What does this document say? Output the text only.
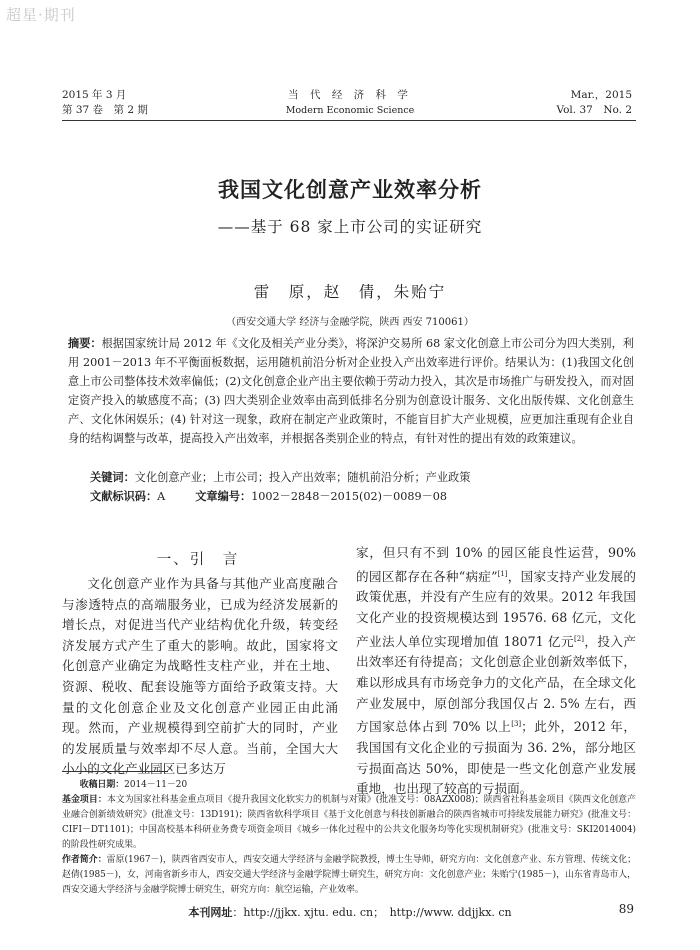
超星·期刊
2015 年 3 月
第 37 卷　第 2 期
当 代 经 济 科 学
Modern Economic Science
Mar.，2015
Vol. 37　No. 2
我国文化创意产业效率分析
——基于 68 家上市公司的实证研究
雷　原，赵　倩，朱贻宁
（西安交通大学 经济与金融学院，陕西 西安 710061）
摘要：根据国家统计局 2012 年《文化及相关产业分类》，将深沪交易所 68 家文化创意上市公司分为四大类别，利用 2001－2013 年不平衡面板数据，运用随机前沿分析对企业投入产出效率进行评价。结果认为：(1)我国文化创意上市公司整体技术效率偏低；(2)文化创意企业产出主要依赖于劳动力投入，其次是市场推广与研发投入，而对固定资产投入的敏感度不高；(3) 四大类别企业效率由高到低排名分别为创意设计服务、文化出版传媒、文化创意生产、文化休闲娱乐；(4) 针对这一现象，政府在制定产业政策时，不能盲目扩大产业规模，应更加注重现有企业自身的结构调整与改革，提高投入产出效率，并根据各类别企业的特点，有针对性的提出有效的政策建议。
关键词：文化创意产业；上市公司；投入产出效率；随机前沿分析；产业政策
文献标识码：A	文章编号：1002－2848－2015(02)－0089－08
一、引　言
文化创意产业作为具备与其他产业高度融合与渗透特点的高端服务业，已成为经济发展新的增长点，对促进当代产业结构优化升级，转变经济发展方式产生了重大的影响。故此，国家将文化创意产业确定为战略性支柱产业，并在土地、资源、税收、配套设施等方面给予政策支持。大量的文化创意企业及文化创意产业园正由此涌现。然而，产业规模得到空前扩大的同时，产业的发展质量与效率却不尽人意。当前，全国大大小小的文化产业园区已多达万
家，但只有不到 10% 的园区能良性运营，90% 的园区都存在各种“病症”[1]，国家支持产业发展的政策优惠，并没有产生应有的效果。2012 年我国文化产业的投资规模达到 19576. 68 亿元，文化产业法人单位实现增加值 18071 亿元[2]，投入产出效率还有待提高；文化创意企业创新效率低下，难以形成具有市场竞争力的文化产品，在全球文化产业发展中，原创部分我国仅占 2. 5% 左右，西方国家总体占到 70% 以上[3]；此外，2012 年，我国国有文化企业的亏损面为 36. 2%，部分地区亏损面高达 50%，即使是一些文化创意产业发展重地，也出现了较高的亏损面。

收稿日期：2014－11－20

基金项目：本文为国家社科基金重点项目《提升我国文化软实力的机制与对策》(批准文号：08AZX008)；陕西省社科基金项目《陕西文化创意产业融合创新绩效研究》(批准文号：13D191)；陕西省软科学项目《基于文化创意与科技创新融合的陕西省城市可持续发展能力研究》(批准文号：CIFI－DT1101)；中国高校基本科研业务费专项资金项目《城乡一体化过程中的公共文化服务均等化实现机制研究》(批准文号：SKI2014004)的阶段性研究成果。

作者简介：雷原(1967－)，陕西省西安市人，西安交通大学经济与金融学院教授，博士生导师，研究方向：文化创意产业、东方管理、传统文化；赵倩(1985－)，女，河南省新乡市人，西安交通大学经济与金融学院博士研究生，研究方向：文化创意产业；朱贻宁(1985－)，山东省青岛市人，西安交通大学经济与金融学院博士研究生，研究方向：航空运输，产业效率。

本刊网址：http://jjkx. xjtu. edu. cn；　http://www. ddjjkx. cn	89
